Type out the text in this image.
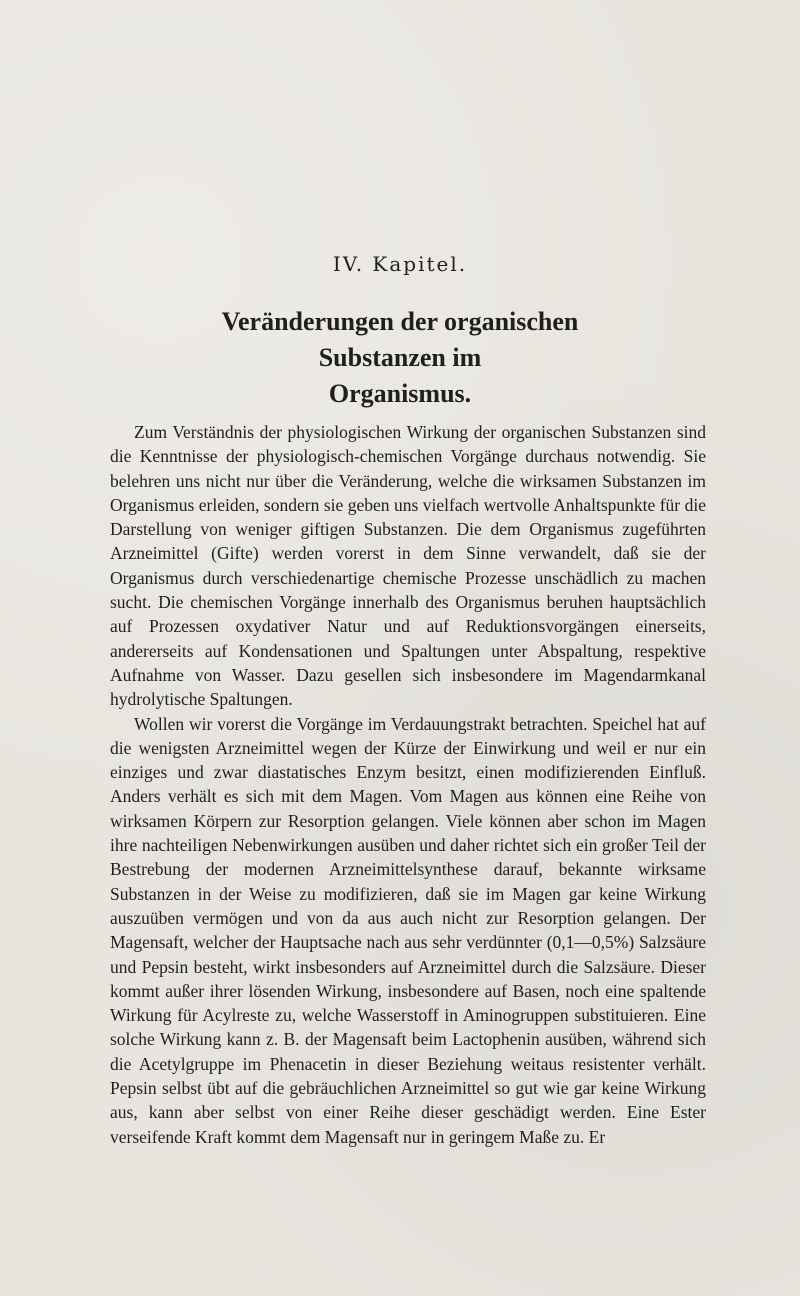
IV. Kapitel.
Veränderungen der organischen Substanzen im
Organismus.

Zum Verständnis der physiologischen Wirkung der organischen Substanzen sind die Kenntnisse der physiologisch-chemischen Vorgänge durchaus notwendig. Sie belehren uns nicht nur über die Veränderung, welche die wirksamen Substanzen im Organismus erleiden, sondern sie geben uns vielfach wertvolle Anhaltspunkte für die Darstellung von weniger giftigen Substanzen. Die dem Organismus zugeführten Arzneimittel (Gifte) werden vorerst in dem Sinne verwandelt, daß sie der Organismus durch verschiedenartige chemische Prozesse unschädlich zu machen sucht. Die chemischen Vorgänge innerhalb des Organismus beruhen hauptsächlich auf Prozessen oxydativer Natur und auf Reduktionsvorgängen einerseits, andererseits auf Kondensationen und Spaltungen unter Abspaltung, respektive Aufnahme von Wasser. Dazu gesellen sich insbesondere im Magendarmkanal hydrolytische Spaltungen.

Wollen wir vorerst die Vorgänge im Verdauungstrakt betrachten. Speichel hat auf die wenigsten Arzneimittel wegen der Kürze der Einwirkung und weil er nur ein einziges und zwar diastatisches Enzym besitzt, einen modifizierenden Einfluß. Anders verhält es sich mit dem Magen. Vom Magen aus können eine Reihe von wirksamen Körpern zur Resorption gelangen. Viele können aber schon im Magen ihre nachteiligen Nebenwirkungen ausüben und daher richtet sich ein großer Teil der Bestrebung der modernen Arzneimittelsynthese darauf, bekannte wirksame Substanzen in der Weise zu modifizieren, daß sie im Magen gar keine Wirkung auszuüben vermögen und von da aus auch nicht zur Resorption gelangen. Der Magensaft, welcher der Hauptsache nach aus sehr verdünnter (0,1—0,5%) Salzsäure und Pepsin besteht, wirkt insbesonders auf Arzneimittel durch die Salzsäure. Dieser kommt außer ihrer lösenden Wirkung, insbesondere auf Basen, noch eine spaltende Wirkung für Acylreste zu, welche Wasserstoff in Aminogruppen substituieren. Eine solche Wirkung kann z. B. der Magensaft beim Lactophenin ausüben, während sich die Acetylgruppe im Phenacetin in dieser Beziehung weitaus resistenter verhält. Pepsin selbst übt auf die gebräuchlichen Arzneimittel so gut wie gar keine Wirkung aus, kann aber selbst von einer Reihe dieser geschädigt werden. Eine Ester verseifende Kraft kommt dem Magensaft nur in geringem Maße zu. Er
